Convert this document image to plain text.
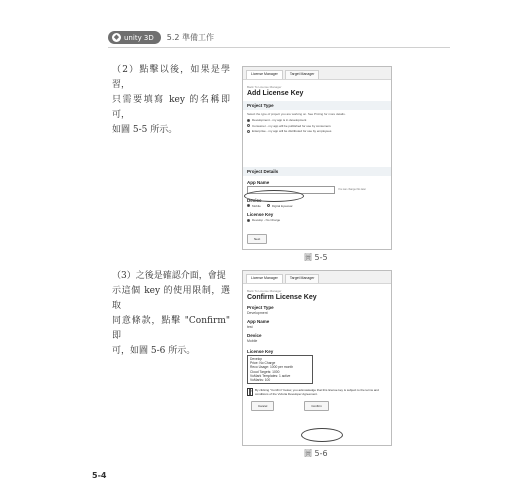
◆ unity 3D 5.2 準備工作
（2）點擊以後，如果是學習，
只需要填寫 key 的名稱即可，
如圖 5-5 所示。
License Manager	Target Manager
Back To License Manager
Add License Key
Project Type
Select the type of project you are working on. See Pricing for more details.
Development - my app is in development
Consumer - my app will be published for use by consumers
Enterprise - my app will be distributed for use by employees
Project Details
App Name
You can change this later
Device
Mobile	Digital Eyewear
License Key
Develop - No Charge
Next
圖 5-5
（3）之後是確認介面，會提
示這個 key 的使用限制，選取
同意條款，點擊 "Confirm" 即
可，如圖 5-6 所示。
License Manager	Target Manager
Back To License Manager
Confirm License Key
Project Type
Development
App Name
test
Device
Mobile
License Key
Develop
Price: No Charge
Reco Usage: 1000 per month
Cloud Targets: 1000
VuMark Templates: 1 active
VuMarks: 100
✓
By clicking "Confirm" below, you acknowledge that this license key is subject to the terms and conditions of the Vuforia Developer Agreement.
Cancel	Confirm
圖 5-6
5-4
